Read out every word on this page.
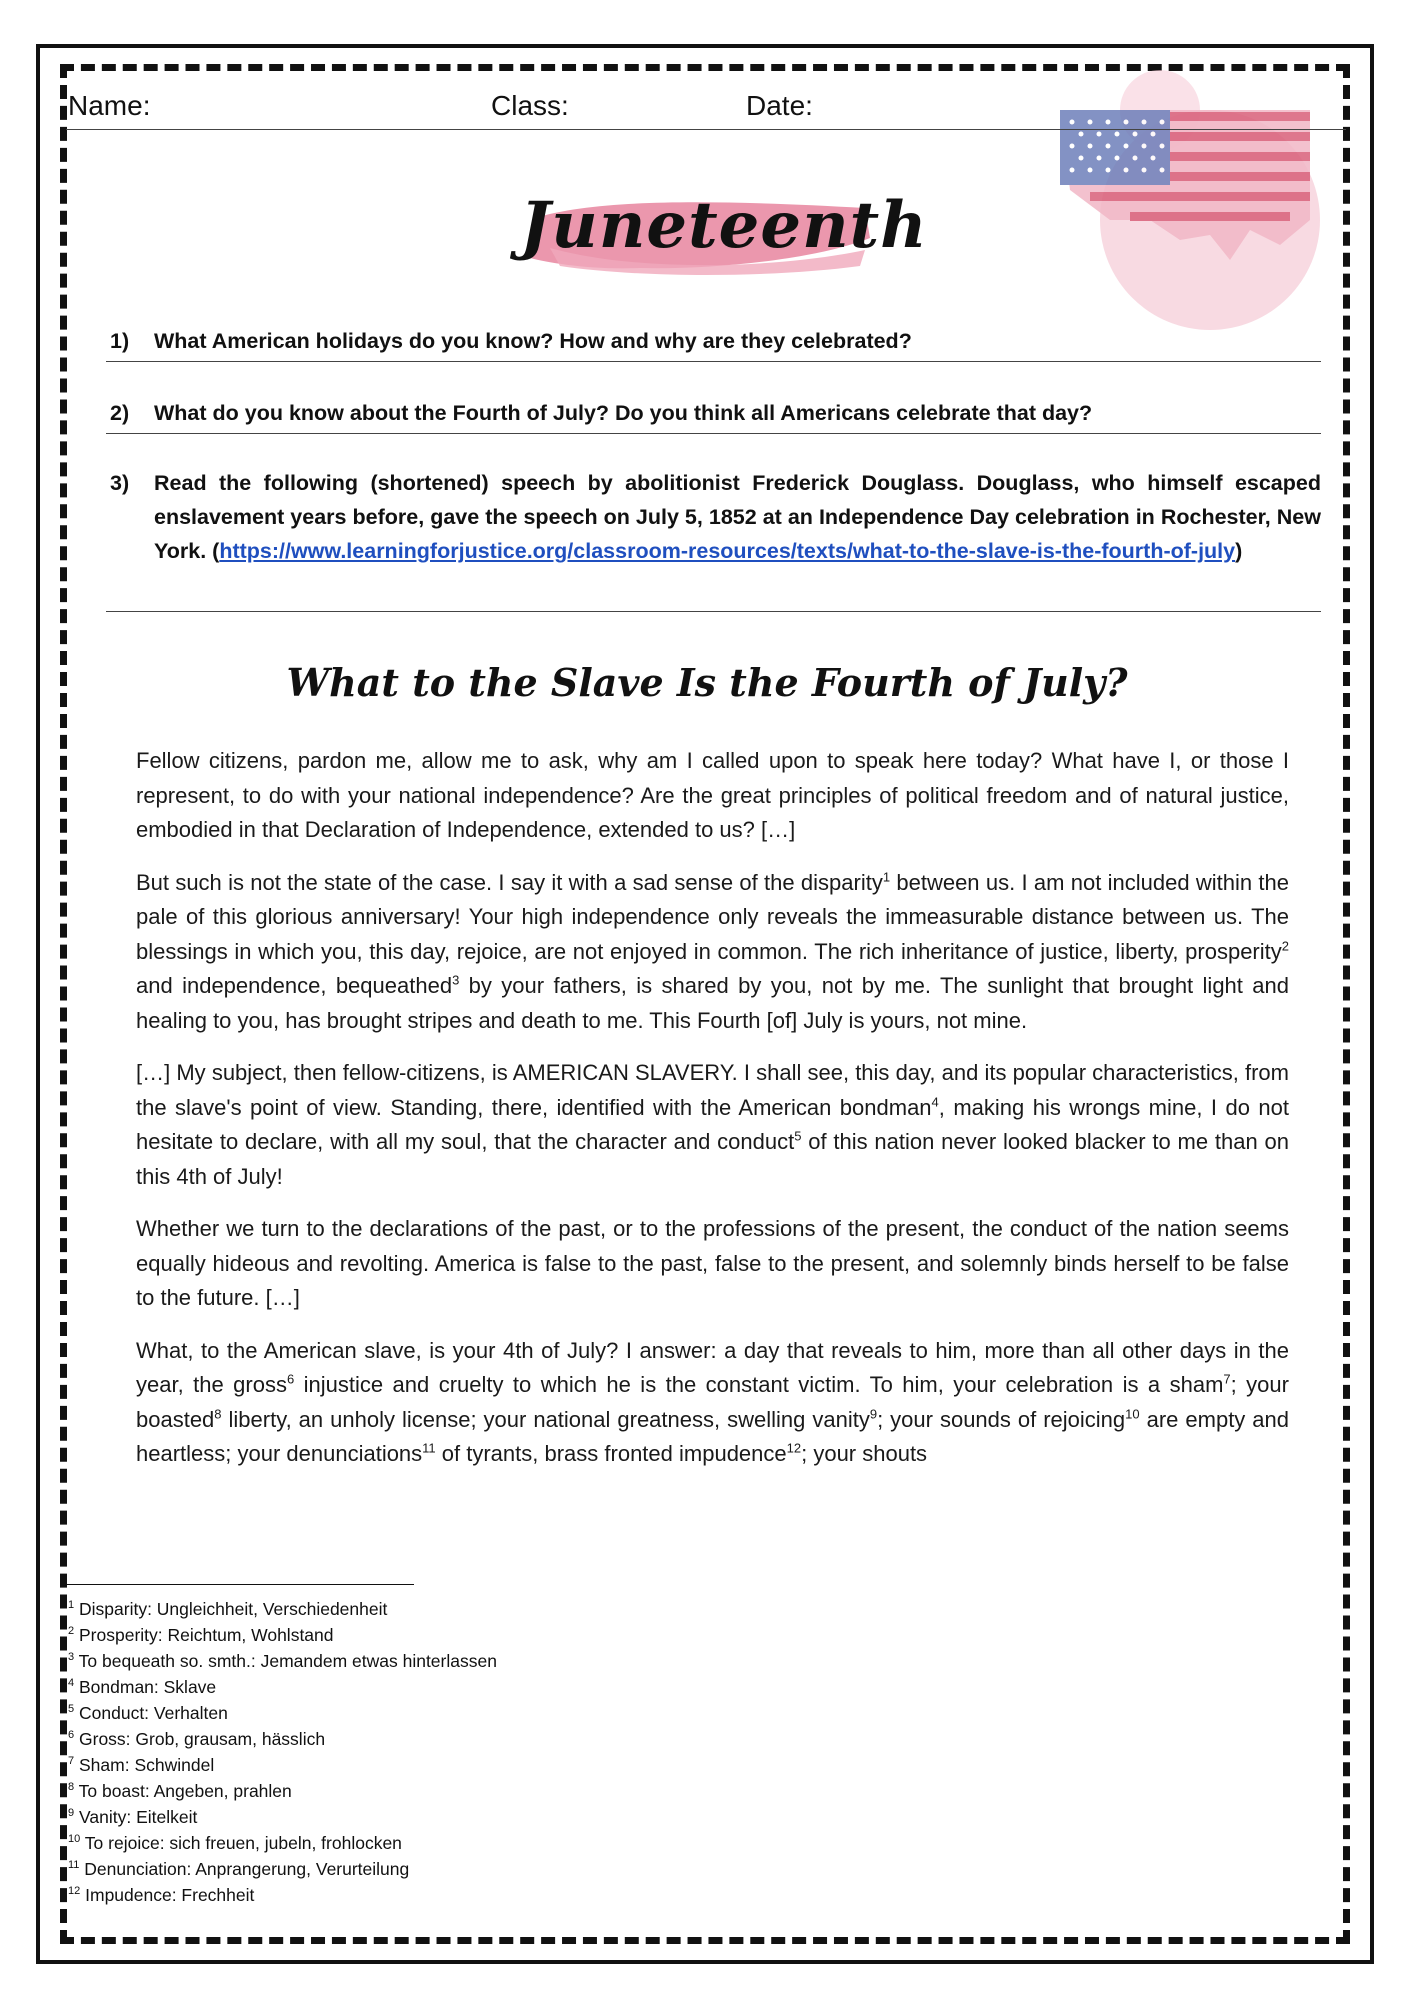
Name:	Class:	Date:
Juneteenth
1) What American holidays do you know? How and why are they celebrated?
2) What do you know about the Fourth of July? Do you think all Americans celebrate that day?
3) Read the following (shortened) speech by abolitionist Frederick Douglass. Douglass, who himself escaped enslavement years before, gave the speech on July 5, 1852 at an Independence Day celebration in Rochester, New York. (https://www.learningforjustice.org/classroom-resources/texts/what-to-the-slave-is-the-fourth-of-july)
What to the Slave Is the Fourth of July?

Fellow citizens, pardon me, allow me to ask, why am I called upon to speak here today? What have I, or those I represent, to do with your national independence? Are the great principles of political freedom and of natural justice, embodied in that Declaration of Independence, extended to us? […]

But such is not the state of the case. I say it with a sad sense of the disparity$^1$ between us. I am not included within the pale of this glorious anniversary! Your high independence only reveals the immeasurable distance between us. The blessings in which you, this day, rejoice, are not enjoyed in common. The rich inheritance of justice, liberty, prosperity$^2$ and independence, bequeathed$^3$ by your fathers, is shared by you, not by me. The sunlight that brought light and healing to you, has brought stripes and death to me. This Fourth [of] July is yours, not mine.

[…] My subject, then fellow-citizens, is AMERICAN SLAVERY. I shall see, this day, and its popular characteristics, from the slave's point of view. Standing, there, identified with the American bondman$^4$, making his wrongs mine, I do not hesitate to declare, with all my soul, that the character and conduct$^5$ of this nation never looked blacker to me than on this 4th of July!

Whether we turn to the declarations of the past, or to the professions of the present, the conduct of the nation seems equally hideous and revolting. America is false to the past, false to the present, and solemnly binds herself to be false to the future. […]

What, to the American slave, is your 4th of July? I answer: a day that reveals to him, more than all other days in the year, the gross$^6$ injustice and cruelty to which he is the constant victim. To him, your celebration is a sham$^7$; your boasted$^8$ liberty, an unholy license; your national greatness, swelling vanity$^9$; your sounds of rejoicing$^{10}$ are empty and heartless; your denunciations$^{11}$ of tyrants, brass fronted impudence$^{12}$; your shouts

$^1$ Disparity: Ungleichheit, Verschiedenheit
$^2$ Prosperity: Reichtum, Wohlstand
$^3$ To bequeath so. smth.: Jemandem etwas hinterlassen
$^4$ Bondman: Sklave
$^5$ Conduct: Verhalten
$^6$ Gross: Grob, grausam, hässlich
$^7$ Sham: Schwindel
$^8$ To boast: Angeben, prahlen
$^9$ Vanity: Eitelkeit
$^{10}$ To rejoice: sich freuen, jubeln, frohlocken
$^{11}$ Denunciation: Anprangerung, Verurteilung
$^{12}$ Impudence: Frechheit
